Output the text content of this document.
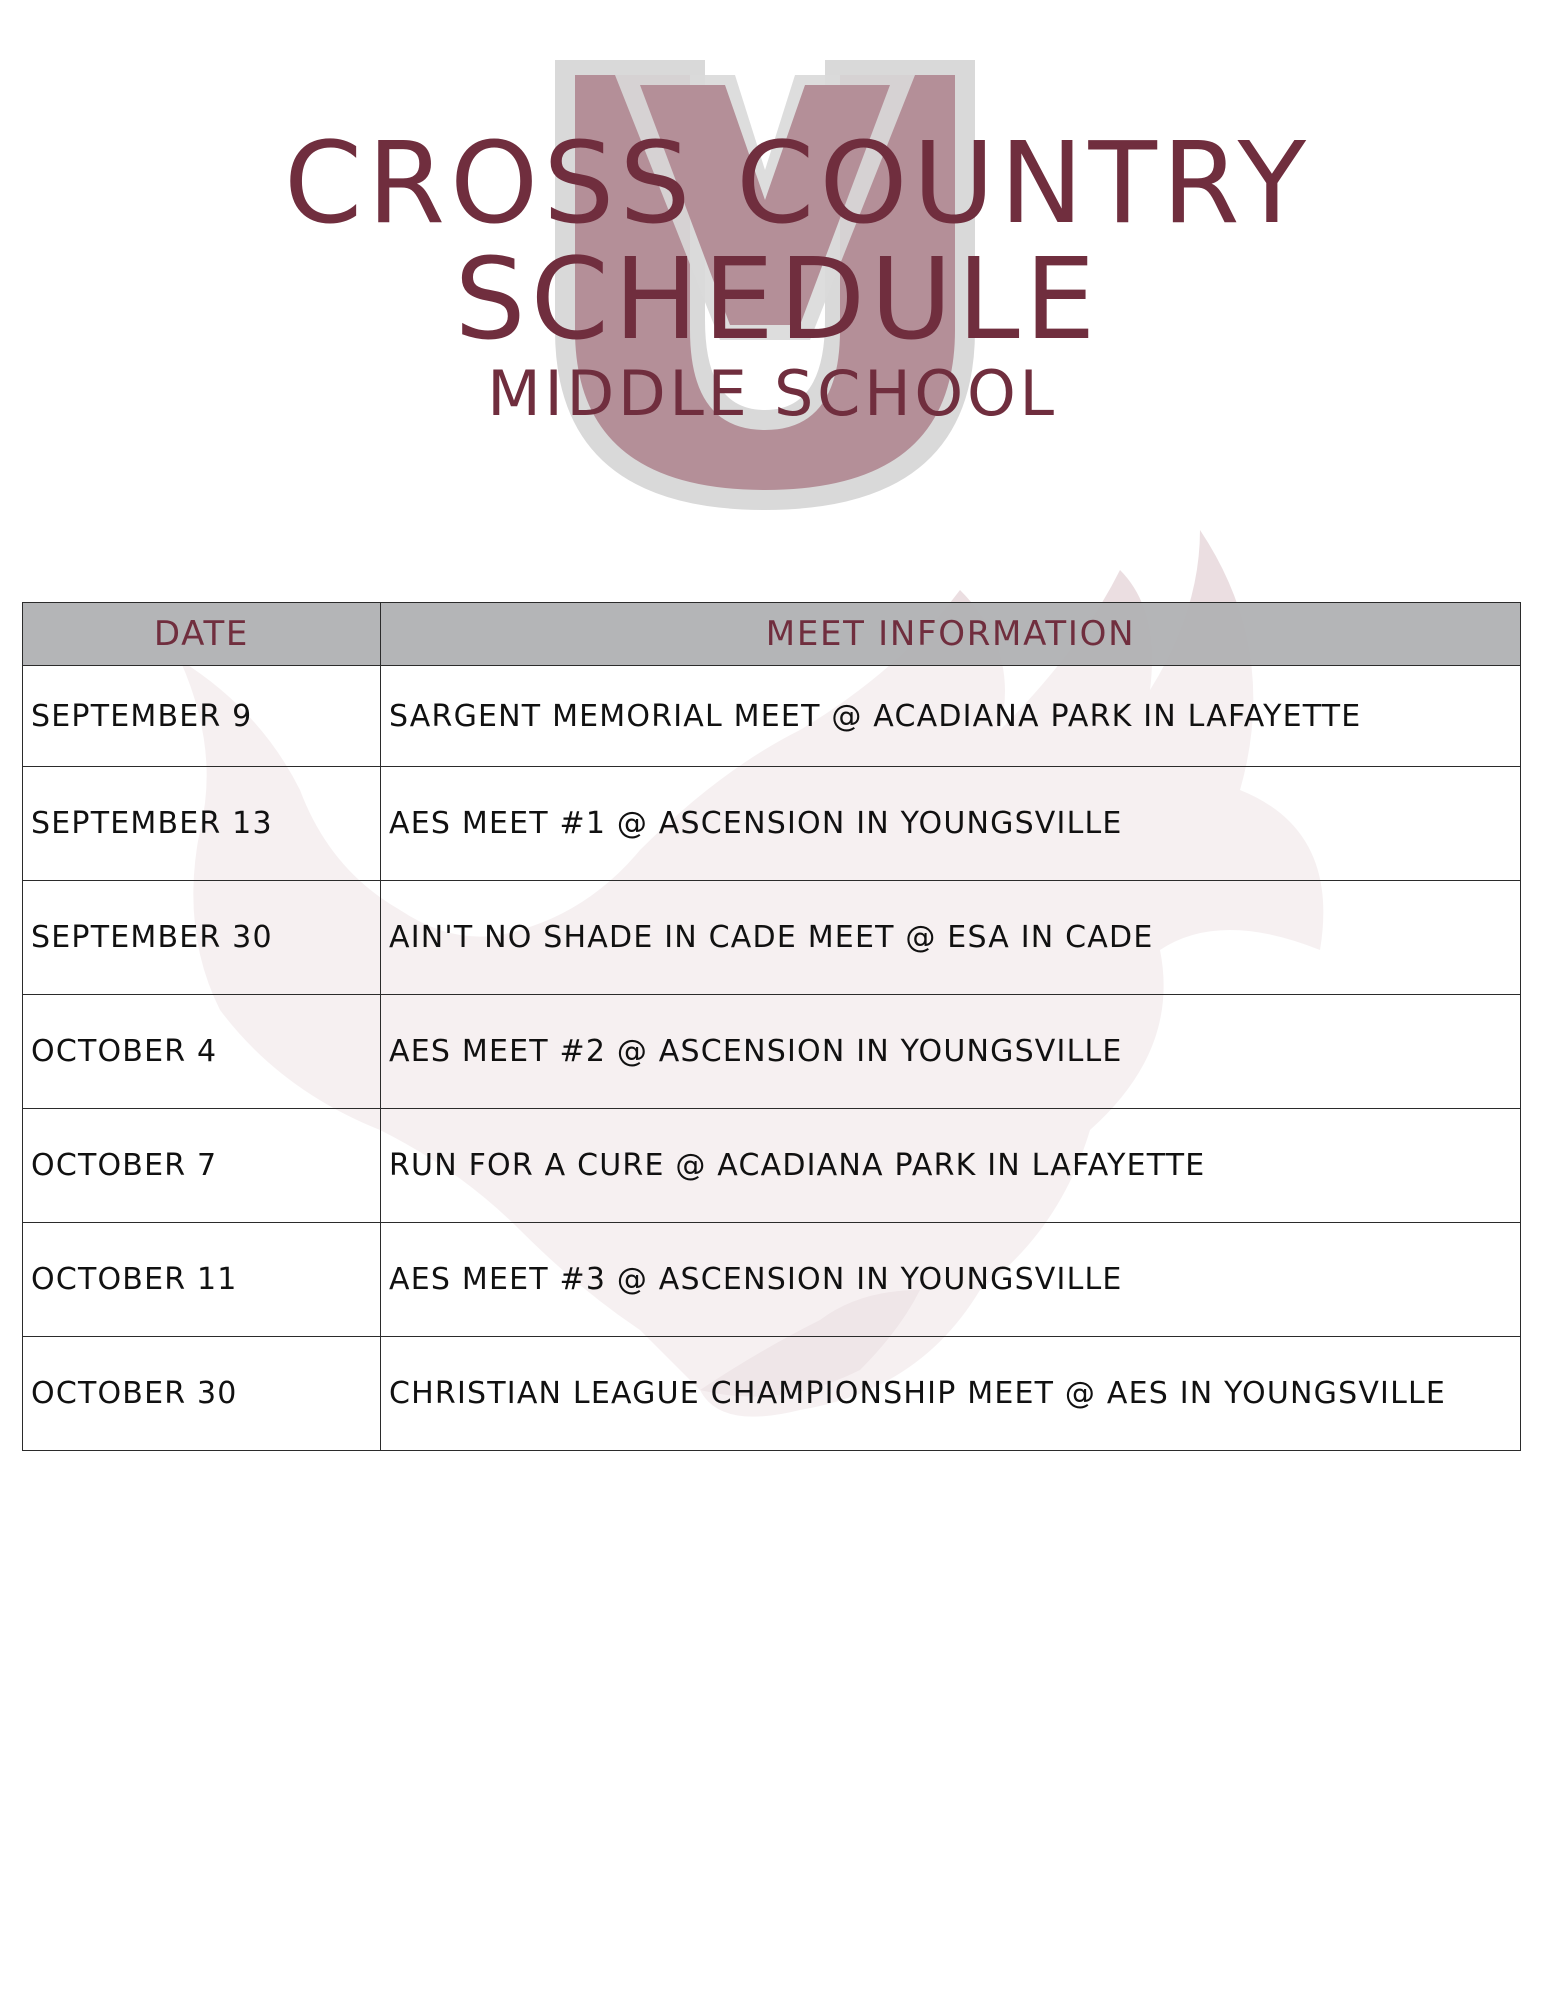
CROSS COUNTRY
SCHEDULE
MIDDLE SCHOOL
DATE	MEET INFORMATION
SEPTEMBER 9	SARGENT MEMORIAL MEET @ ACADIANA PARK IN LAFAYETTE
SEPTEMBER 13	AES MEET #1 @ ASCENSION IN YOUNGSVILLE
SEPTEMBER 30	AIN'T NO SHADE IN CADE MEET @ ESA IN CADE
OCTOBER 4	AES MEET #2 @ ASCENSION IN YOUNGSVILLE
OCTOBER 7	RUN FOR A CURE @ ACADIANA PARK IN LAFAYETTE
OCTOBER 11	AES MEET #3 @ ASCENSION IN YOUNGSVILLE
OCTOBER 30	CHRISTIAN LEAGUE CHAMPIONSHIP MEET @ AES IN YOUNGSVILLE
